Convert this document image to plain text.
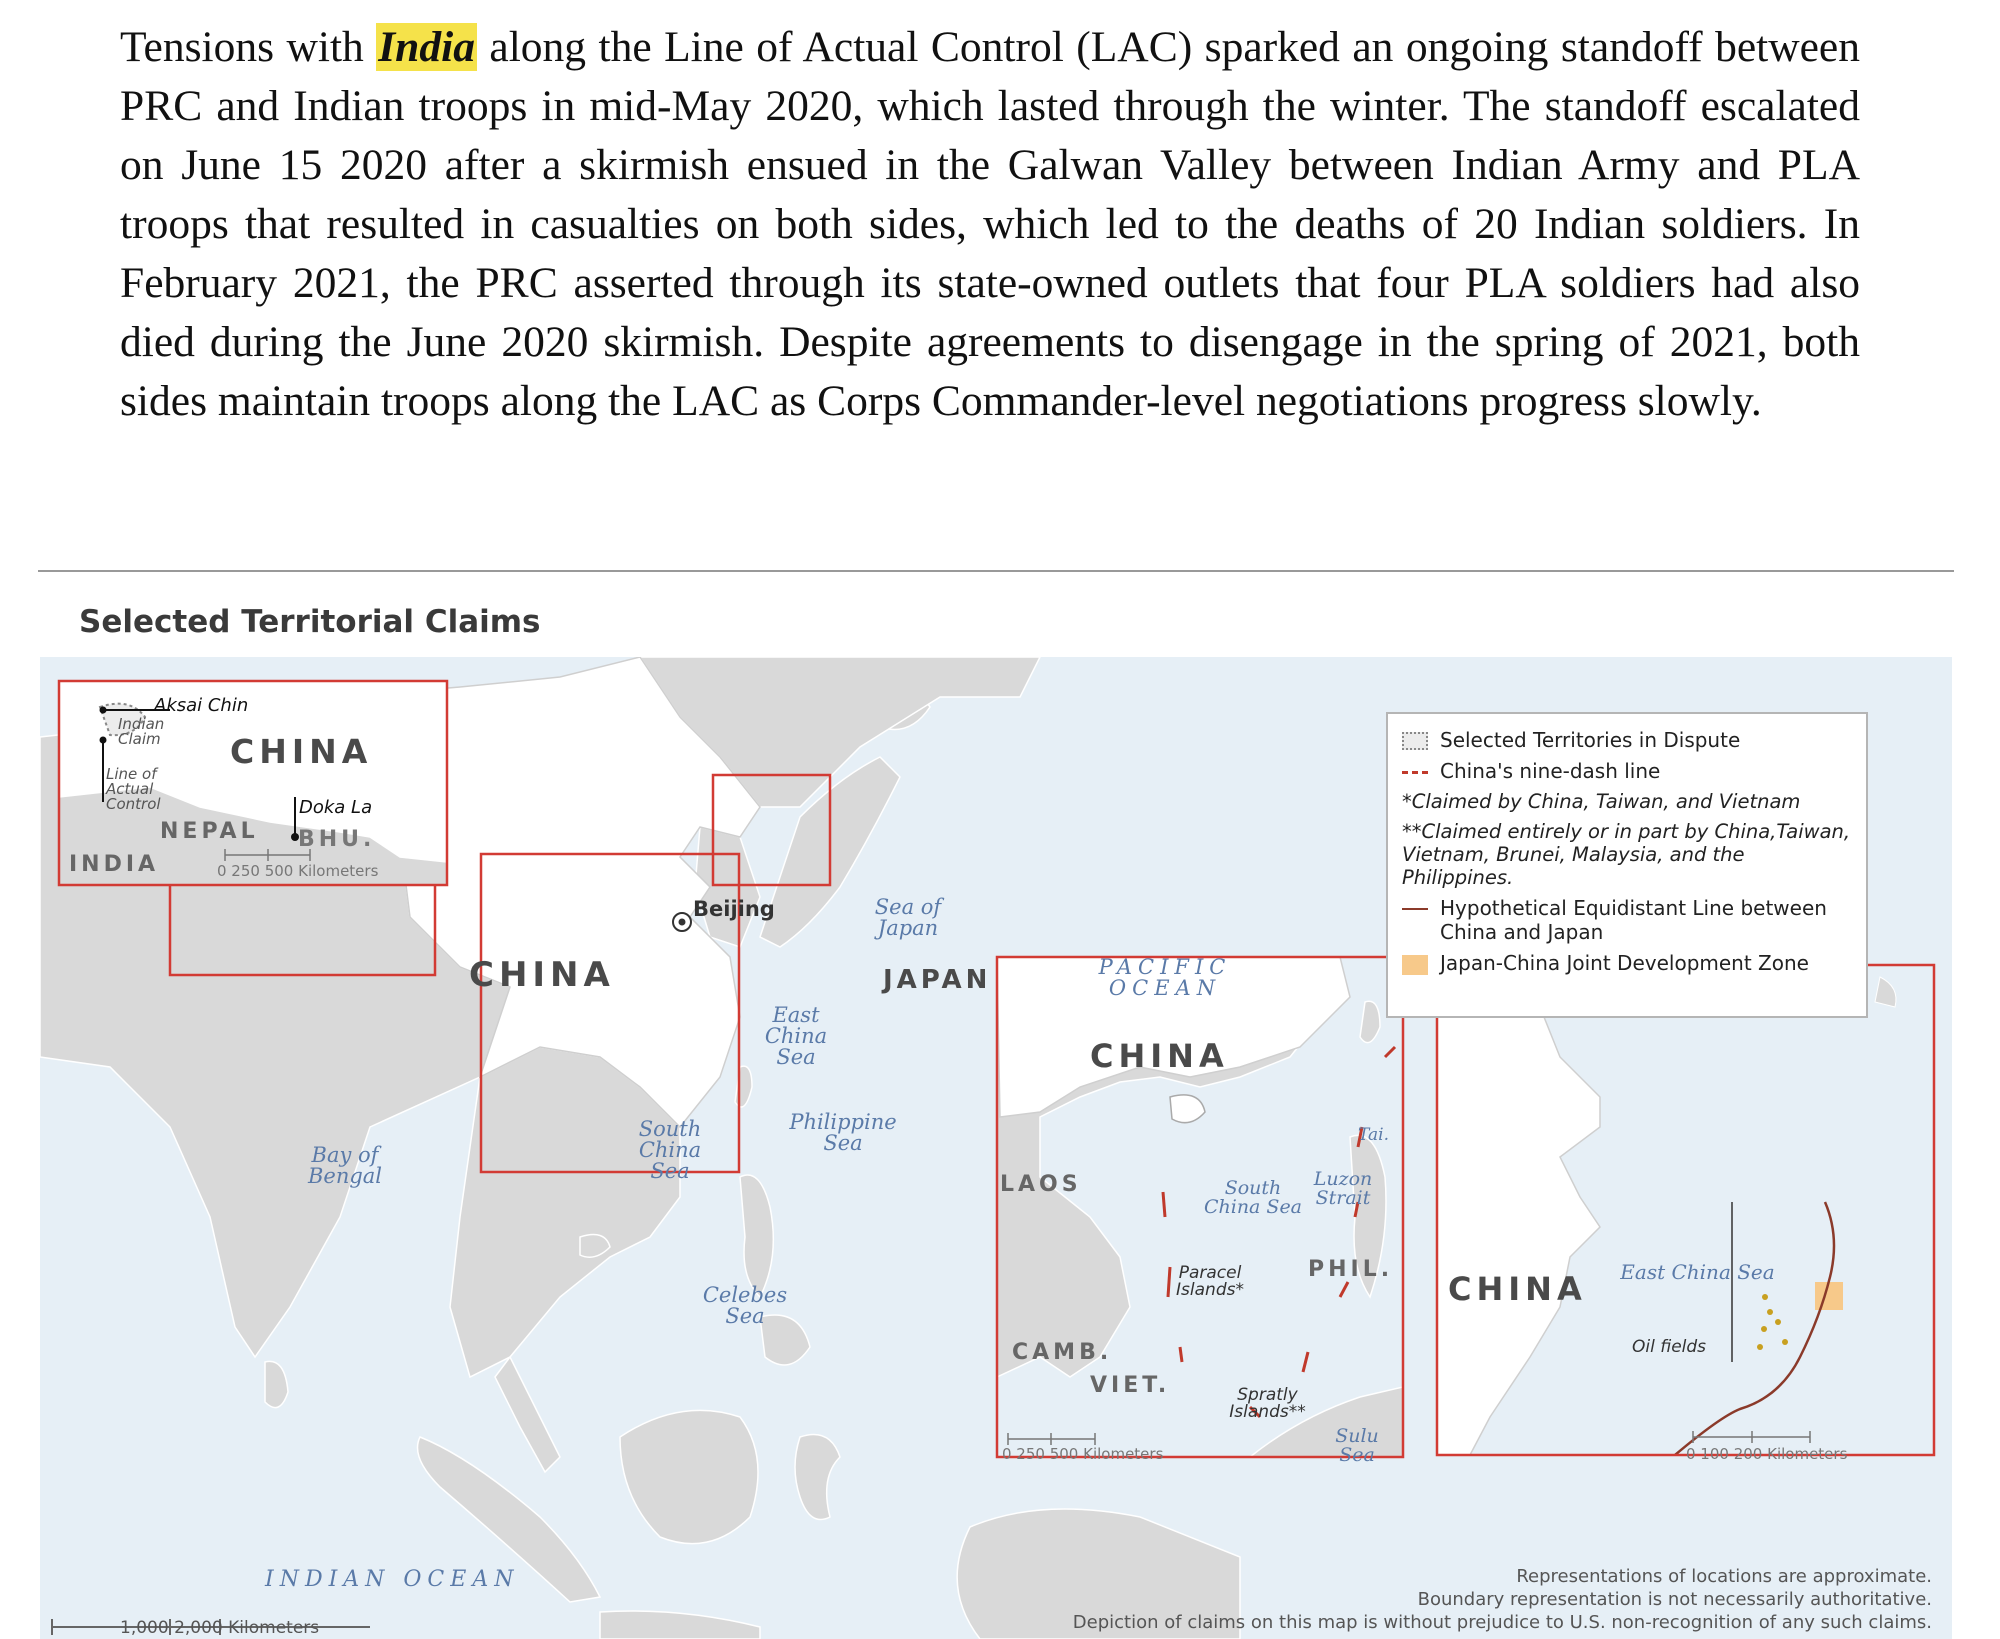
Tensions with India along the Line of Actual Control (LAC) sparked an ongoing standoff between PRC and Indian troops in mid-May 2020, which lasted through the winter. The standoff escalated on June 15 2020 after a skirmish ensued in the Galwan Valley between Indian Army and PLA troops that resulted in casualties on both sides, which led to the deaths of 20 Indian soldiers. In February 2021, the PRC asserted through its state-owned outlets that four PLA soldiers had also died during the June 2020 skirmish. Despite agreements to disengage in the spring of 2021, both sides maintain troops along the LAC as Corps Commander-level negotiations progress slowly.

Selected Territorial Claims
CHINA	JAPAN
Beijing	Sea of Japan
PACIFIC OCEAN
East China Sea
South China Sea
Philippine Sea
Bay of Bengal
Celebes Sea
INDIAN OCEAN
1,000 2,000 Kilometers
Aksai Chin
Indian Claim
Line of Actual Control
CHINA
Doka La
NEPAL BHU.
INDIA	0 250 500 Kilometers
CHINA
Tai.
Luzon Strait
LAOS	South China Sea
Paracel Islands*
PHIL.
CAMB.
VIET.	Spratly Islands**
Sulu Sea
0 250 500 Kilometers
CHINA East China Sea
Oil fields
0 100 200 Kilometers
Selected Territories in Dispute
China's nine-dash line
*Claimed by China, Taiwan, and Vietnam
**Claimed entirely or in part by China,Taiwan, Vietnam, Brunei, Malaysia, and the Philippines.
Hypothetical Equidistant Line between China and Japan
Japan-China Joint Development Zone
Representations of locations are approximate.
Boundary representation is not necessarily authoritative.
Depiction of claims on this map is without prejudice to U.S. non-recognition of any such claims.
